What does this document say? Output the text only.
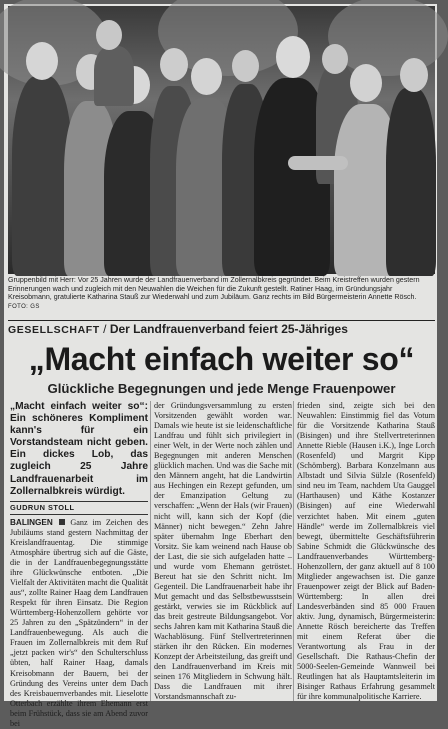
Gruppenbild mit Herr: Vor 25 Jahren wurde der Landfrauenverband im Zollernalbkreis gegründet. Beim Kreistreffen wurden gestern Erinnerungen wach und zugleich mit den Neuwahlen die Weichen für die Zukunft gestellt. Ratiner Haag, im Gründungsjahr Kreisobmann, gratulierte Katharina Stauß zur Wiederwahl und zum Jubiläum. Ganz rechts im Bild Bürgermeisterin Annette Rösch. FOTO: GS
GESELLSCHAFT / Der Landfrauenverband feiert 25-Jähriges
„Macht einfach weiter so“
Glückliche Begegnungen und jede Menge Frauenpower

„Macht einfach weiter so“: Ein schöneres Kompliment kann's für ein Vorstandsteam nicht geben. Ein dickes Lob, das zugleich 25 Jahre Landfrauenarbeit im Zollernalbkreis würdigt.

GUDRUN STOLL

BALINGEN Ganz im Zeichen des Jubiläums stand gestern Nachmittag der Kreislandfrauentag. Die stimmige Atmosphäre übertrug sich auf die Gäste, die in der Landfrauenbegegnungsstätte ihre Glückwünsche entboten. „Die Vielfalt der Aktivitäten macht die Qualität aus“, zollte Rainer Haag dem Landfrauen Respekt für ihren Einsatz. Die Region Württemberg-Hohenzollern gehörte vor 25 Jahren zu den „Spätzündern“ in der Landfrauenbewegung. Als auch die Frauen im Zollernalbkreis mit dem Ruf „jetzt packen wir's“ den Schulterschluss übten, half Rainer Haag, damals Kreisobmann der Bauern, bei der Gründung des Vereins unter dem Dach des Kreisbauernverbandes mit. Lieselotte Otterbach erzählte ihrem Ehemann erst beim Frühstück, dass sie am Abend zuvor bei

der Gründungsversammlung zu ersten Vorsitzenden gewählt worden war. Damals wie heute ist sie leidenschaftliche Landfrau und fühlt sich privilegiert in einer Welt, in der Werte noch zählen und Begegnungen mit anderen Menschen glücklich machen. Und was die Sache mit den Männern angeht, hat die Landwirtin aus Hechingen ein Rezept gefunden, um der Emanzipation Geltung zu verschaffen: „Wenn der Hals (wir Frauen) nicht will, kann sich der Kopf (die Männer) nicht bewegen.“ Zehn Jahre später übernahm Inge Eberhart den Vorsitz. Sie kam weinend nach Hause ob der Last, die sie sich aufgeladen hatte – und wurde vom Ehemann getröstet. Bereut hat sie den Schritt nicht. Im Gegenteil. Die Landfrauenarbeit habe ihr Mut gemacht und das Selbstbewusstsein gestärkt, verwies sie im Rückblick auf das breit gestreute Bildungsangebot. Vor sechs Jahren kam mit Katharina Stauß die Wachablösung. Fünf Stellvertreterinnen stärken ihr den Rücken. Ein modernes Konzept der Arbeitsteilung, das greift und den Landfrauenverband im Kreis mit seinen 176 Mitgliedern in Schwung hält. Dass die Landfrauen mit ihrer Vorstandsmannschaft zu-

frieden sind, zeigte sich bei den Neuwahlen: Einstimmig fiel das Votum für die Vorsitzende Katharina Stauß (Bisingen) und ihre Stellvertreterinnen Annette Rieble (Hausen i.K.), Inge Lorch (Rosenfeld) und Margrit Kipp (Schömberg). Barbara Konzelmann aus Albstadt und Silvia Sülzle (Rosenfeld) sind neu im Team, nachdem Uta Gauggel (Harthausen) und Käthe Kostanzer (Bisingen) auf eine Wiederwahl verzichtet haben. Mit einem „guten Händle“ werde im Zollernalbkreis viel bewegt, übermittelte Geschäftsführerin Sabine Schmidt die Glückwünsche des Landfrauenverbandes Württemberg-Hohenzollern, der ganz aktuell auf 8 100 Mitglieder angewachsen ist. Die ganze Frauenpower zeigt der Blick auf Baden-Württemberg: In allen drei Landesverbänden sind 85 000 Frauen aktiv. Jung, dynamisch, Bürgermeisterin: Annette Rösch bereicherte das Treffen mit einem Referat über die Verantwortung als Frau in der Gesellschaft. Die Rathaus-Chefin der 5000-Seelen-Gemeinde Wannweil bei Reutlingen hat als Hauptamtsleiterin im Bisinger Rathaus Erfahrung gesammelt für ihre kommunalpolitische Karriere.
